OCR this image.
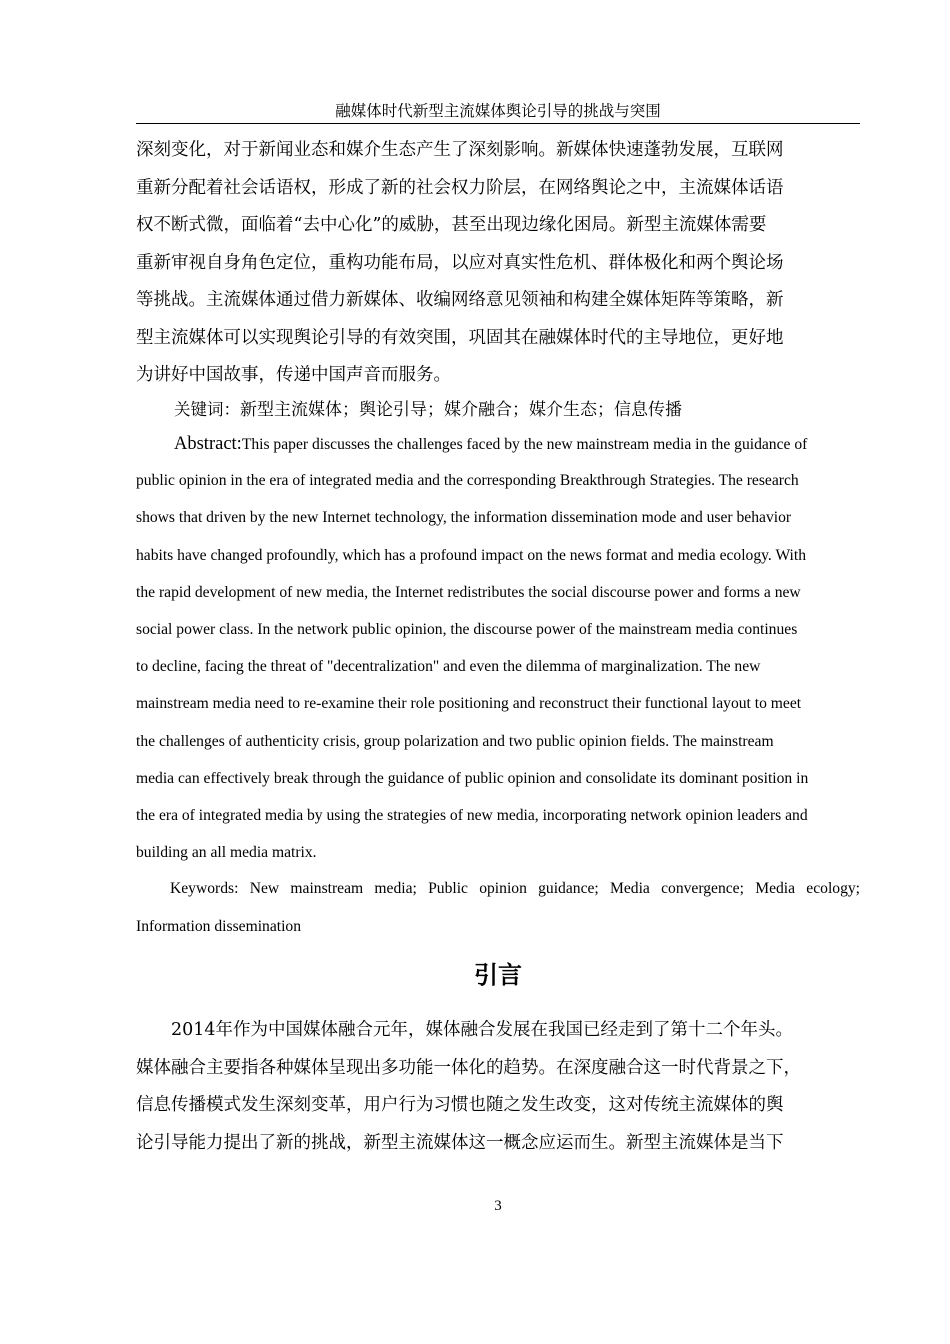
融媒体时代新型主流媒体舆论引导的挑战与突围
深刻变化，对于新闻业态和媒介生态产生了深刻影响。新媒体快速蓬勃发展，互联网
重新分配着社会话语权，形成了新的社会权力阶层，在网络舆论之中，主流媒体话语
权不断式微，面临着“去中心化”的威胁，甚至出现边缘化困局。新型主流媒体需要
重新审视自身角色定位，重构功能布局，以应对真实性危机、群体极化和两个舆论场
等挑战。主流媒体通过借力新媒体、收编网络意见领袖和构建全媒体矩阵等策略，新
型主流媒体可以实现舆论引导的有效突围，巩固其在融媒体时代的主导地位，更好地
为讲好中国故事，传递中国声音而服务。
关键词：新型主流媒体；舆论引导；媒介融合；媒介生态；信息传播
Abstract:This paper discusses the challenges faced by the new mainstream media in the guidance of
public opinion in the era of integrated media and the corresponding Breakthrough Strategies. The research
shows that driven by the new Internet technology, the information dissemination mode and user behavior
habits have changed profoundly, which has a profound impact on the news format and media ecology. With
the rapid development of new media, the Internet redistributes the social discourse power and forms a new
social power class. In the network public opinion, the discourse power of the mainstream media continues
to decline, facing the threat of "decentralization" and even the dilemma of marginalization. The new
mainstream media need to re-examine their role positioning and reconstruct their functional layout to meet
the challenges of authenticity crisis, group polarization and two public opinion fields. The mainstream
media can effectively break through the guidance of public opinion and consolidate its dominant position in
the era of integrated media by using the strategies of new media, incorporating network opinion leaders and
building an all media matrix.
Keywords: New mainstream media; Public opinion guidance; Media convergence; Media ecology;
Information dissemination
引言
　　2014年作为中国媒体融合元年，媒体融合发展在我国已经走到了第十二个年头。
媒体融合主要指各种媒体呈现出多功能一体化的趋势。在深度融合这一时代背景之下，
信息传播模式发生深刻变革，用户行为习惯也随之发生改变，这对传统主流媒体的舆
论引导能力提出了新的挑战，新型主流媒体这一概念应运而生。新型主流媒体是当下
3
